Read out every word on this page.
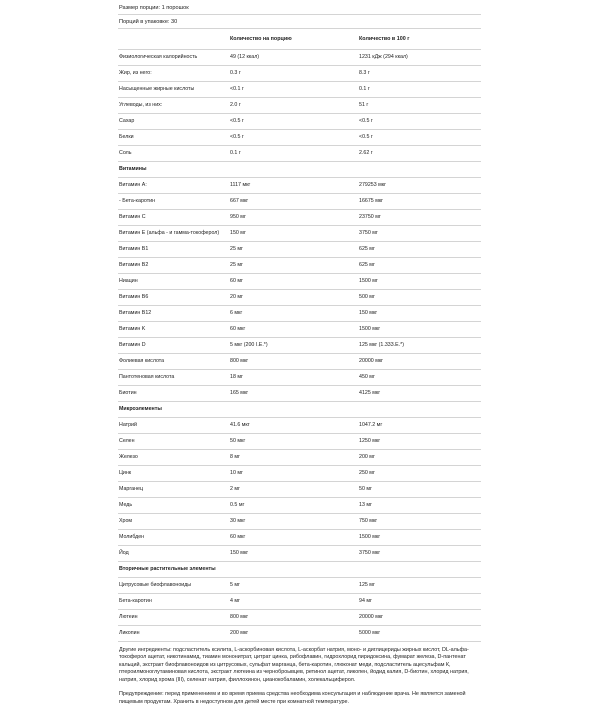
Размер порции: 1 порошок
Порций в упаковке: 30
	Количество на порцию	Количество в 100 г
Физиологическая калорийность	49 (12 ккал)	1231 кДж (294 ккал)
Жир, из него:	0.3 г	8.3 г
Насыщенные жирные кислоты	<0.1 г	0.1 г
Углеводы, из них:	2.0 г	51 г
Сахар	<0.5 г	<0.5 г
Белки	<0.5 г	<0.5 г
Соль	0.1 г	2.62 г
Витамины		
Витамин A:	1117 мкг	279253 мкг
- Бета-каротин	667 мкг	16675 мкг
Витамин C	950 мг	23750 мг
Витамин E (альфа - и гамма-токоферол)	150 мг	3750 мг
Витамин B1	25 мг	625 мг
Витамин B2	25 мг	625 мг
Ниацин	60 мг	1500 мг
Витамин B6	20 мг	500 мг
Витамин B12	6 мкг	150 мкг
Витамин K	60 мкг	1500 мкг
Витамин D	5 мкг (200 I.E.*)	125 мкг (1.333.E.*)
Фолиевая кислота	800 мкг	20000 мкг
Пантотеновая кислота	18 мг	450 мг
Биотин	165 мкг	4125 мкг
Микроэлементы		
Натрий	41.6 мкг	1047.2 мг
Селен	50 мкг	1250 мкг
Железо	8 мг	200 мг
Цинк	10 мг	250 мг
Марганец	2 мг	50 мг
Медь	0.5 мг	13 мг
Хром	30 мкг	750 мкг
Молибден	60 мкг	1500 мкг
Йод	150 мкг	3750 мкг
Вторичные растительные элементы		
Цитрусовые биофлавоноиды	5 мг	125 мг
Бета-каротин	4 мг	94 мг
Лютеин	800 мкг	20000 мкг
Ликопин	200 мкг	5000 мкг
Другие ингредиенты: подсластитель ксилита, L-аскорбиновая кислота, L-аскорбат натрия, моно- и диглицериды жирных кислот, DL-альфа-токоферол ацетат, никотинамид, тиамин мононитрат, цитрат цинка, рибофлавин, гидрохлорид пиридоксина, фумарат железа, D-пантенат кальций, экстракт биофлавоноидов из цитрусовых, сульфат марганца, бета-каротин, глюконат меди, подсластитель ацесульфам К, птероилмоноглутаминовая кислота, экстракт лютеина из черноброывцев, ретинол ацетат, ликопен, йодид калия, D-биотин, хлорид натрия, натрия, хлорид хрома (III), селенат натрия, филлохинон, цианокобаламин, холекальциферол.
Предупреждение: перед применением и во время приема средства необходима консультация и наблюдение врача. Не является заменой пищевым продуктам. Хранить в недоступном для детей месте при комнатной температуре.
